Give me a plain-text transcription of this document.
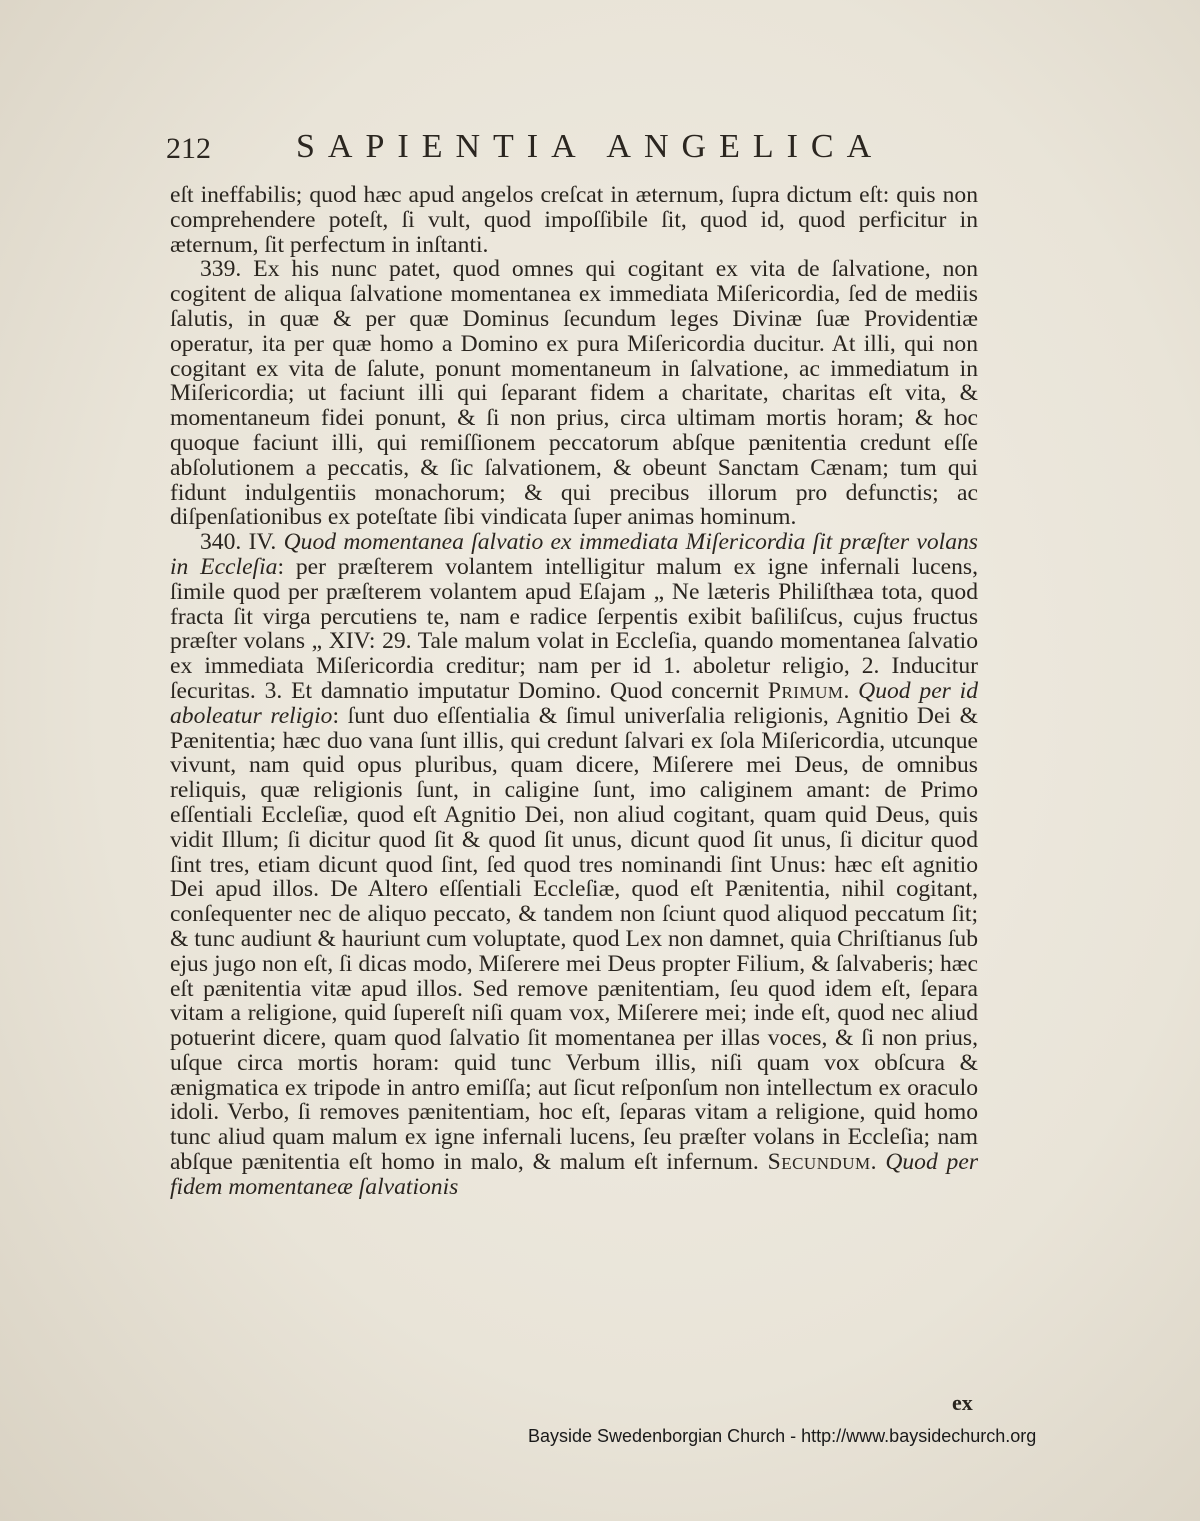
212	SAPIENTIA ANGELICA

eſt ineffabilis; quod hæc apud angelos creſcat in æternum, ſupra dictum eſt: quis non comprehendere poteſt, ſi vult, quod impoſſibile ſit, quod id, quod perficitur in æternum, ſit perfectum in inſtanti.

339. Ex his nunc patet, quod omnes qui cogitant ex vita de ſalvatione, non cogitent de aliqua ſalvatione momentanea ex immediata Miſericordia, ſed de mediis ſalutis, in quæ & per quæ Dominus ſecundum leges Divinæ ſuæ Providentiæ operatur, ita per quæ homo a Domino ex pura Miſericordia ducitur. At illi, qui non cogitant ex vita de ſalute, ponunt momentaneum in ſalvatione, ac immediatum in Miſericordia; ut faciunt illi qui ſeparant fidem a charitate, charitas eſt vita, & momentaneum fidei ponunt, & ſi non prius, circa ultimam mortis horam; & hoc quoque faciunt illi, qui remiſſionem peccatorum abſque pænitentia credunt eſſe abſolutionem a peccatis, & ſic ſalvationem, & obeunt Sanctam Cænam; tum qui fidunt indulgentiis monachorum; & qui precibus illorum pro defunctis; ac diſpenſationibus ex poteſtate ſibi vindicata ſuper animas hominum.

340. IV. Quod momentanea ſalvatio ex immediata Miſericordia ſit præſter volans in Eccleſia: per præſterem volantem intelligitur malum ex igne infernali lucens, ſimile quod per præſterem volantem apud Eſajam „ Ne læteris Philiſthæa tota, quod fracta ſit virga percutiens te, nam e radice ſerpentis exibit baſiliſcus, cujus fructus præſter volans „ XIV: 29. Tale malum volat in Eccleſia, quando momentanea ſalvatio ex immediata Miſericordia creditur; nam per id 1. aboletur religio, 2. Inducitur ſecuritas. 3. Et damnatio imputatur Domino. Quod concernit Primum. Quod per id aboleatur religio: ſunt duo eſſentialia & ſimul univerſalia religionis, Agnitio Dei & Pænitentia; hæc duo vana ſunt illis, qui credunt ſalvari ex ſola Miſericordia, utcunque vivunt, nam quid opus pluribus, quam dicere, Miſerere mei Deus, de omnibus reliquis, quæ religionis ſunt, in caligine ſunt, imo caliginem amant: de Primo eſſentiali Eccleſiæ, quod eſt Agnitio Dei, non aliud cogitant, quam quid Deus, quis vidit Illum; ſi dicitur quod ſit & quod ſit unus, dicunt quod ſit unus, ſi dicitur quod ſint tres, etiam dicunt quod ſint, ſed quod tres nominandi ſint Unus: hæc eſt agnitio Dei apud illos. De Altero eſſentiali Eccleſiæ, quod eſt Pænitentia, nihil cogitant, conſequenter nec de aliquo peccato, & tandem non ſciunt quod aliquod peccatum ſit; & tunc audiunt & hauriunt cum voluptate, quod Lex non damnet, quia Chriſtianus ſub ejus jugo non eſt, ſi dicas modo, Miſerere mei Deus propter Filium, & ſalvaberis; hæc eſt pænitentia vitæ apud illos. Sed remove pænitentiam, ſeu quod idem eſt, ſepara vitam a religione, quid ſupereſt niſi quam vox, Miſerere mei; inde eſt, quod nec aliud potuerint dicere, quam quod ſalvatio ſit momentanea per illas voces, & ſi non prius, uſque circa mortis horam: quid tunc Verbum illis, niſi quam vox obſcura & ænigmatica ex tripode in antro emiſſa; aut ſicut reſponſum non intellectum ex oraculo idoli. Verbo, ſi removes pænitentiam, hoc eſt, ſeparas vitam a religione, quid homo tunc aliud quam malum ex igne infernali lucens, ſeu præſter volans in Eccleſia; nam abſque pænitentia eſt homo in malo, & malum eſt infernum. Secundum. Quod per fidem momentaneæ ſalvationis

ex
Bayside Swedenborgian Church - http://www.baysidechurch.org
